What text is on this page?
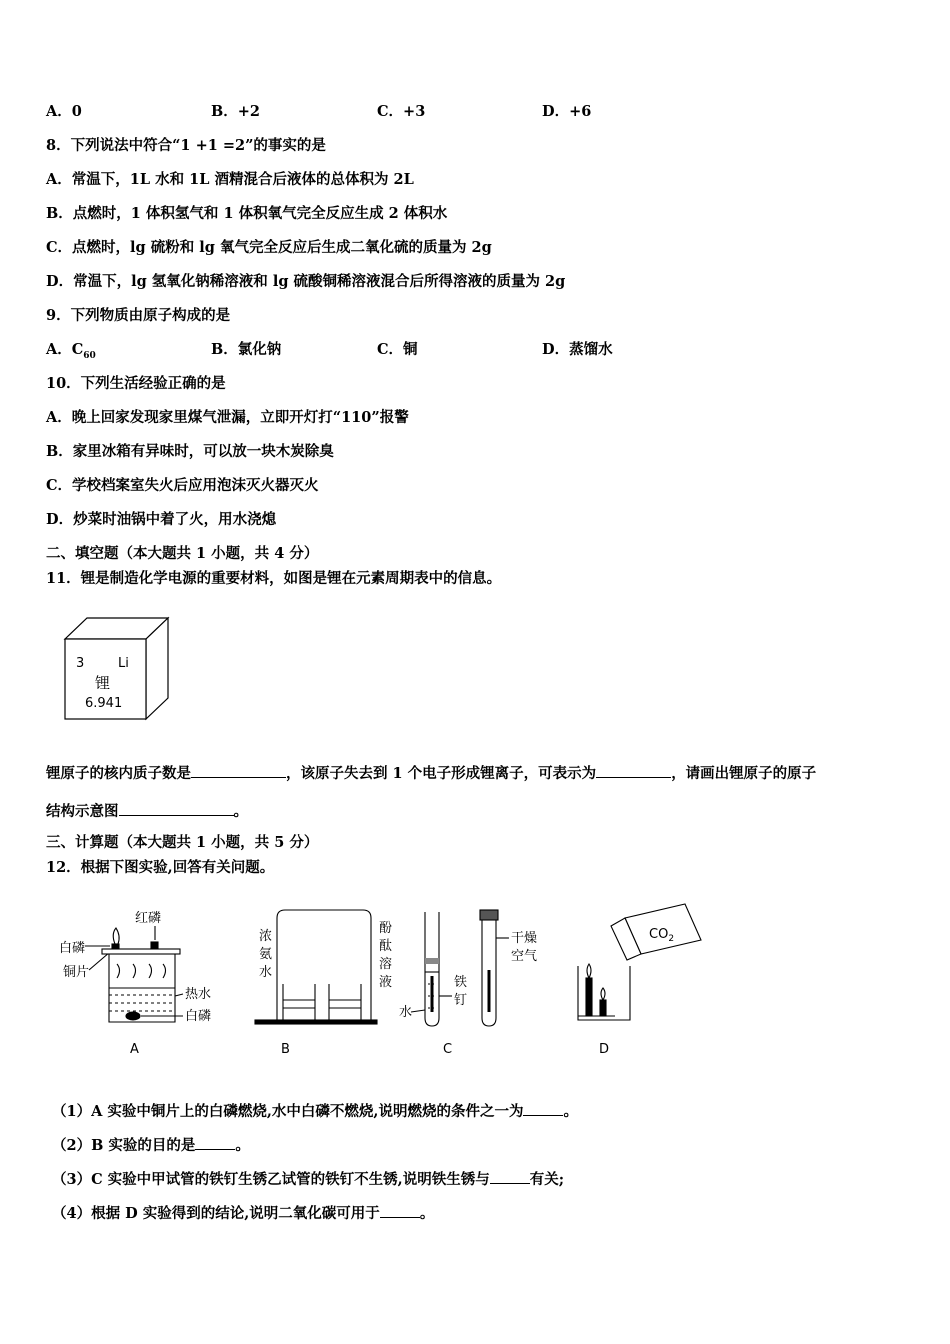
A．0	B．+2	C．+3	D．+6
8．下列说法中符合“1 +1 =2”的事实的是
A．常温下，1L 水和 1L 酒精混合后液体的总体积为 2L
B．点燃时，1 体积氢气和 1 体积氧气完全反应生成 2 体积水
C．点燃时，lg 硫粉和 lg 氧气完全反应后生成二氧化硫的质量为 2g
D．常温下，lg 氢氧化钠稀溶液和 lg 硫酸铜稀溶液混合后所得溶液的质量为 2g
9．下列物质由原子构成的是
A．$C_{60}$	B．氯化钠	C．铜	D．蒸馏水
10．下列生活经验正确的是
A．晚上回家发现家里煤气泄漏，立即开灯打“110”报警
B．家里冰箱有异味时，可以放一块木炭除臭
C．学校档案室失火后应用泡沫灭火器灭火
D．炒菜时油锅中着了火，用水浇熄
二、填空题（本大题共 1 小题，共 4 分）
11．锂是制造化学电源的重要材料，如图是锂在元素周期表中的信息。
3	Li
锂
6.941
锂原子的核内质子数是	，该原子失去到 1 个电子形成锂离子，可表示为	，请画出锂原子的原子
结构示意图	。
三、计算题（本大题共 1 小题，共 5 分）
12．根据下图实验,回答有关问题。
红磷
白磷
铜片
热水
白磷
A
浓
氨
水
酚
酞
溶
液
B
水
铁
钉
干燥
空气
C
$CO_2$
D
（1）A 实验中铜片上的白磷燃烧,水中白磷不燃烧,说明燃烧的条件之一为	。
（2）B 实验的目的是	。
（3）C 实验中甲试管的铁钉生锈乙试管的铁钉不生锈,说明铁生锈与	有关;
（4）根据 D 实验得到的结论,说明二氧化碳可用于	。
